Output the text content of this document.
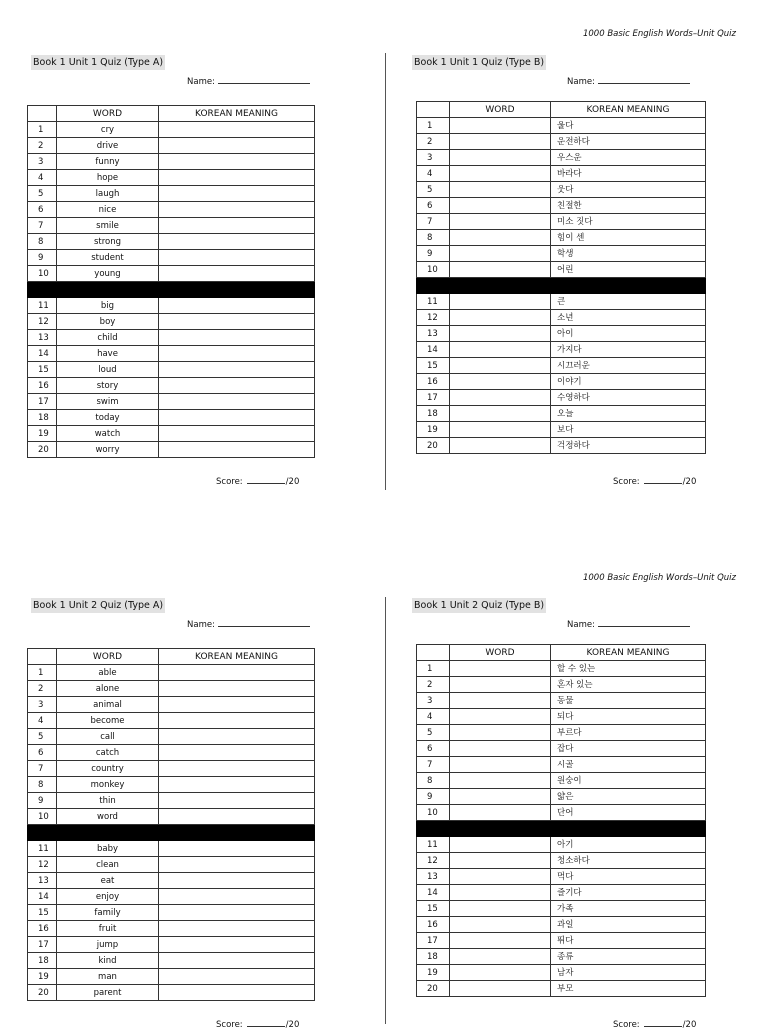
1000 Basic English Words–Unit Quiz
1000 Basic English Words–Unit Quiz
Book 1 Unit 1 Quiz (Type A)
Name:
	WORD	KOREAN MEANING
1	cry	
2	drive	
3	funny	
4	hope	
5	laugh	
6	nice	
7	smile	
8	strong	
9	student	
10	young	

11	big	
12	boy	
13	child	
14	have	
15	loud	
16	story	
17	swim	
18	today	
19	watch	
20	worry	
Score:	/20
Book 1 Unit 1 Quiz (Type B)
Name:
	WORD	KOREAN MEANING
1		울다
2		운전하다
3		우스운
4		바라다
5		웃다
6		친절한
7		미소 짓다
8		힘이 센
9		학생
10		어린

11		큰
12		소년
13		아이
14		가지다
15		시끄러운
16		이야기
17		수영하다
18		오늘
19		보다
20		걱정하다
Score:	/20
Book 1 Unit 2 Quiz (Type A)
Name:
	WORD	KOREAN MEANING
1	able	
2	alone	
3	animal	
4	become	
5	call	
6	catch	
7	country	
8	monkey	
9	thin	
10	word	

11	baby	
12	clean	
13	eat	
14	enjoy	
15	family	
16	fruit	
17	jump	
18	kind	
19	man	
20	parent	
Score:	/20
Book 1 Unit 2 Quiz (Type B)
Name:
	WORD	KOREAN MEANING
1		할 수 있는
2		혼자 있는
3		동물
4		되다
5		부르다
6		잡다
7		시골
8		원숭이
9		얇은
10		단어

11		아기
12		청소하다
13		먹다
14		즐기다
15		가족
16		과일
17		뛰다
18		종류
19		남자
20		부모
Score:	/20
